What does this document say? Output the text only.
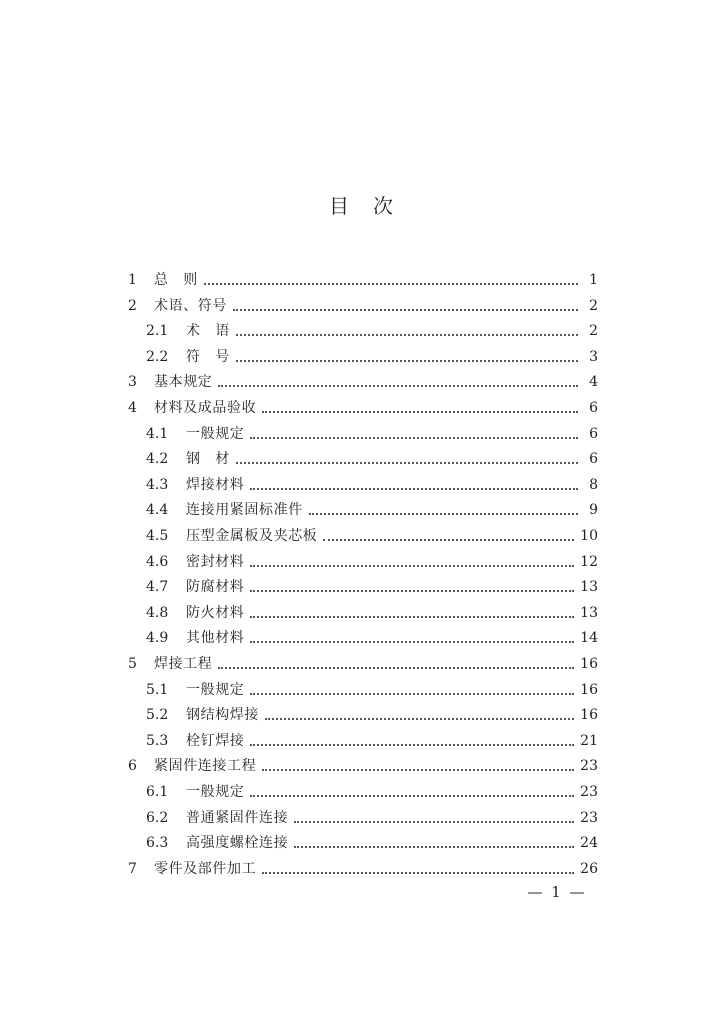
目　次
1	总　则	1
2	术语、符号	2
2.1	术　语	2
2.2	符　号	3
3	基本规定	4
4	材料及成品验收	6
4.1	一般规定	6
4.2	钢　材	6
4.3	焊接材料	8
4.4	连接用紧固标准件	9
4.5	压型金属板及夹芯板	10
4.6	密封材料	12
4.7	防腐材料	13
4.8	防火材料	13
4.9	其他材料	14
5	焊接工程	16
5.1	一般规定	16
5.2	钢结构焊接	16
5.3	栓钉焊接	21
6	紧固件连接工程	23
6.1	一般规定	23
6.2	普通紧固件连接	23
6.3	高强度螺栓连接	24
7	零件及部件加工	26
— 1 —
